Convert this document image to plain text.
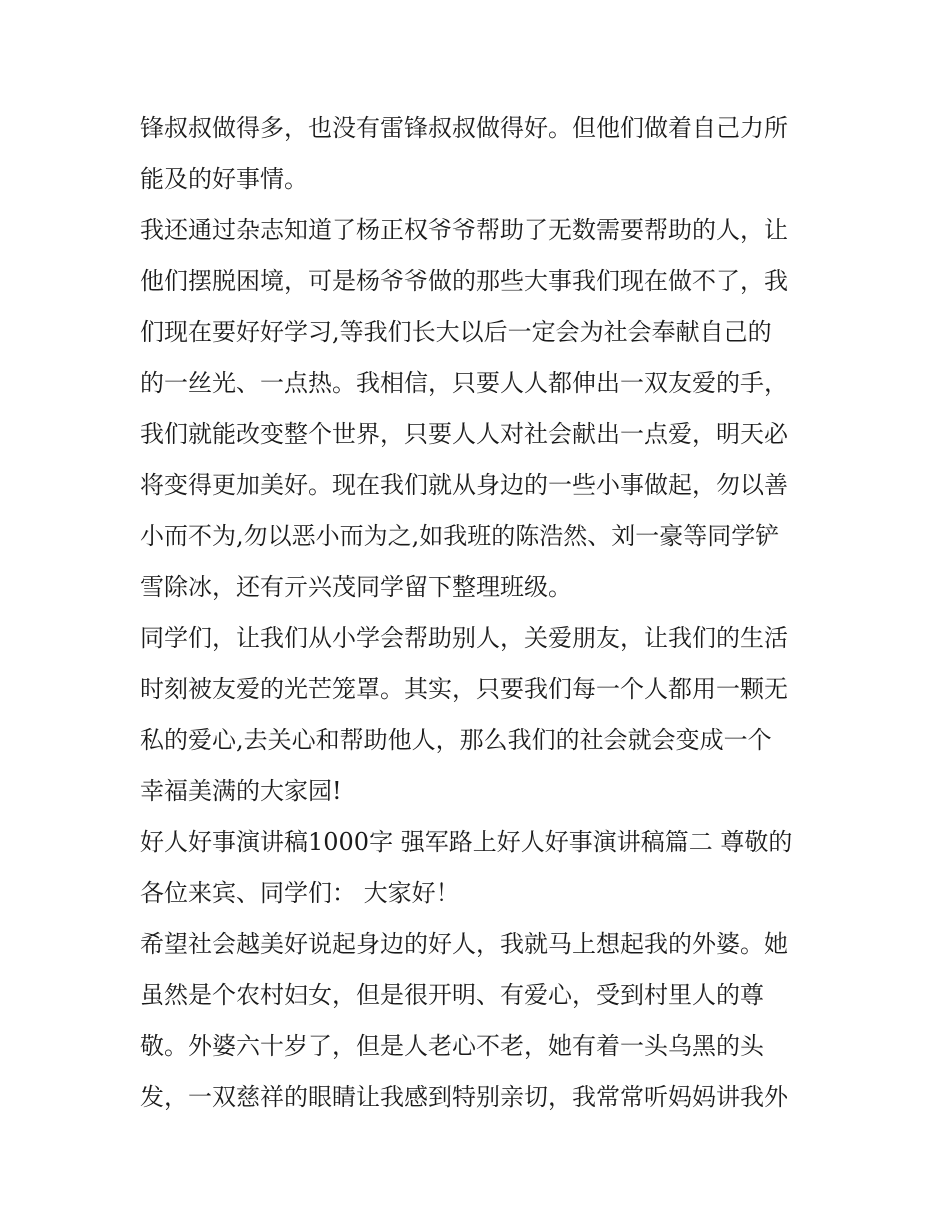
锋叔叔做得多，也没有雷锋叔叔做得好。但他们做着自己力所
能及的好事情。
我还通过杂志知道了杨正权爷爷帮助了无数需要帮助的人，让
他们摆脱困境，可是杨爷爷做的那些大事我们现在做不了，我
们现在要好好学习,等我们长大以后一定会为社会奉献自己的
的一丝光、一点热。我相信，只要人人都伸出一双友爱的手，
我们就能改变整个世界，只要人人对社会献出一点爱，明天必
将变得更加美好。现在我们就从身边的一些小事做起，勿以善
小而不为,勿以恶小而为之,如我班的陈浩然、刘一豪等同学铲
雪除冰，还有亓兴茂同学留下整理班级。
同学们，让我们从小学会帮助别人，关爱朋友，让我们的生活
时刻被友爱的光芒笼罩。其实，只要我们每一个人都用一颗无
私的爱心,去关心和帮助他人，那么我们的社会就会变成一个
幸福美满的大家园!
好人好事演讲稿1000字 强军路上好人好事演讲稿篇二 尊敬的
各位来宾、同学们： 大家好！
希望社会越美好说起身边的好人，我就马上想起我的外婆。她
虽然是个农村妇女，但是很开明、有爱心，受到村里人的尊
敬。外婆六十岁了，但是人老心不老，她有着一头乌黑的头
发，一双慈祥的眼睛让我感到特别亲切，我常常听妈妈讲我外
